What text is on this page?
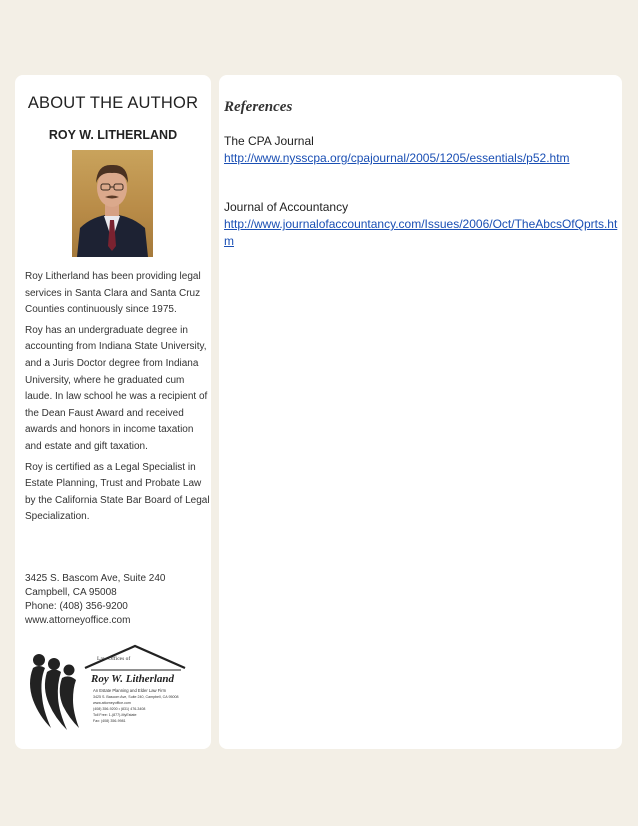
ABOUT THE AUTHOR
ROY W. LITHERLAND

Roy Litherland has been providing legal services in Santa Clara and Santa Cruz Counties continuously since 1975.

Roy has an undergraduate degree in accounting from Indiana State University, and a Juris Doctor degree from Indiana University, where he graduated cum laude. In law school he was a recipient of the Dean Faust Award and received awards and honors in income taxation and estate and gift taxation.

Roy is certified as a Legal Specialist in Estate Planning, Trust and Probate Law by the California State Bar Board of Legal Specialization.

3425 S. Bascom Ave, Suite 240
Campbell, CA 95008
Phone: (408) 356-9200
www.attorneyoffice.com
Law Offices of
Roy W. Litherland
An Estate Planning and Elder Law Firm
3425 S. Bascom Ave, Suite 240, Campbell, CA 95008
www.attorneyoffice.com
(408) 356-9200 • (831) 476-3408
Toll Free: 1-(877)-MyEstate
Fax: (408) 356-9981
References
The CPA Journal
http://www.nysscpa.org/cpajournal/2005/1205/essentials/p52.htm
Journal of Accountancy
http://www.journalofaccountancy.com/Issues/2006/Oct/TheAbcsOfQprts.htm
